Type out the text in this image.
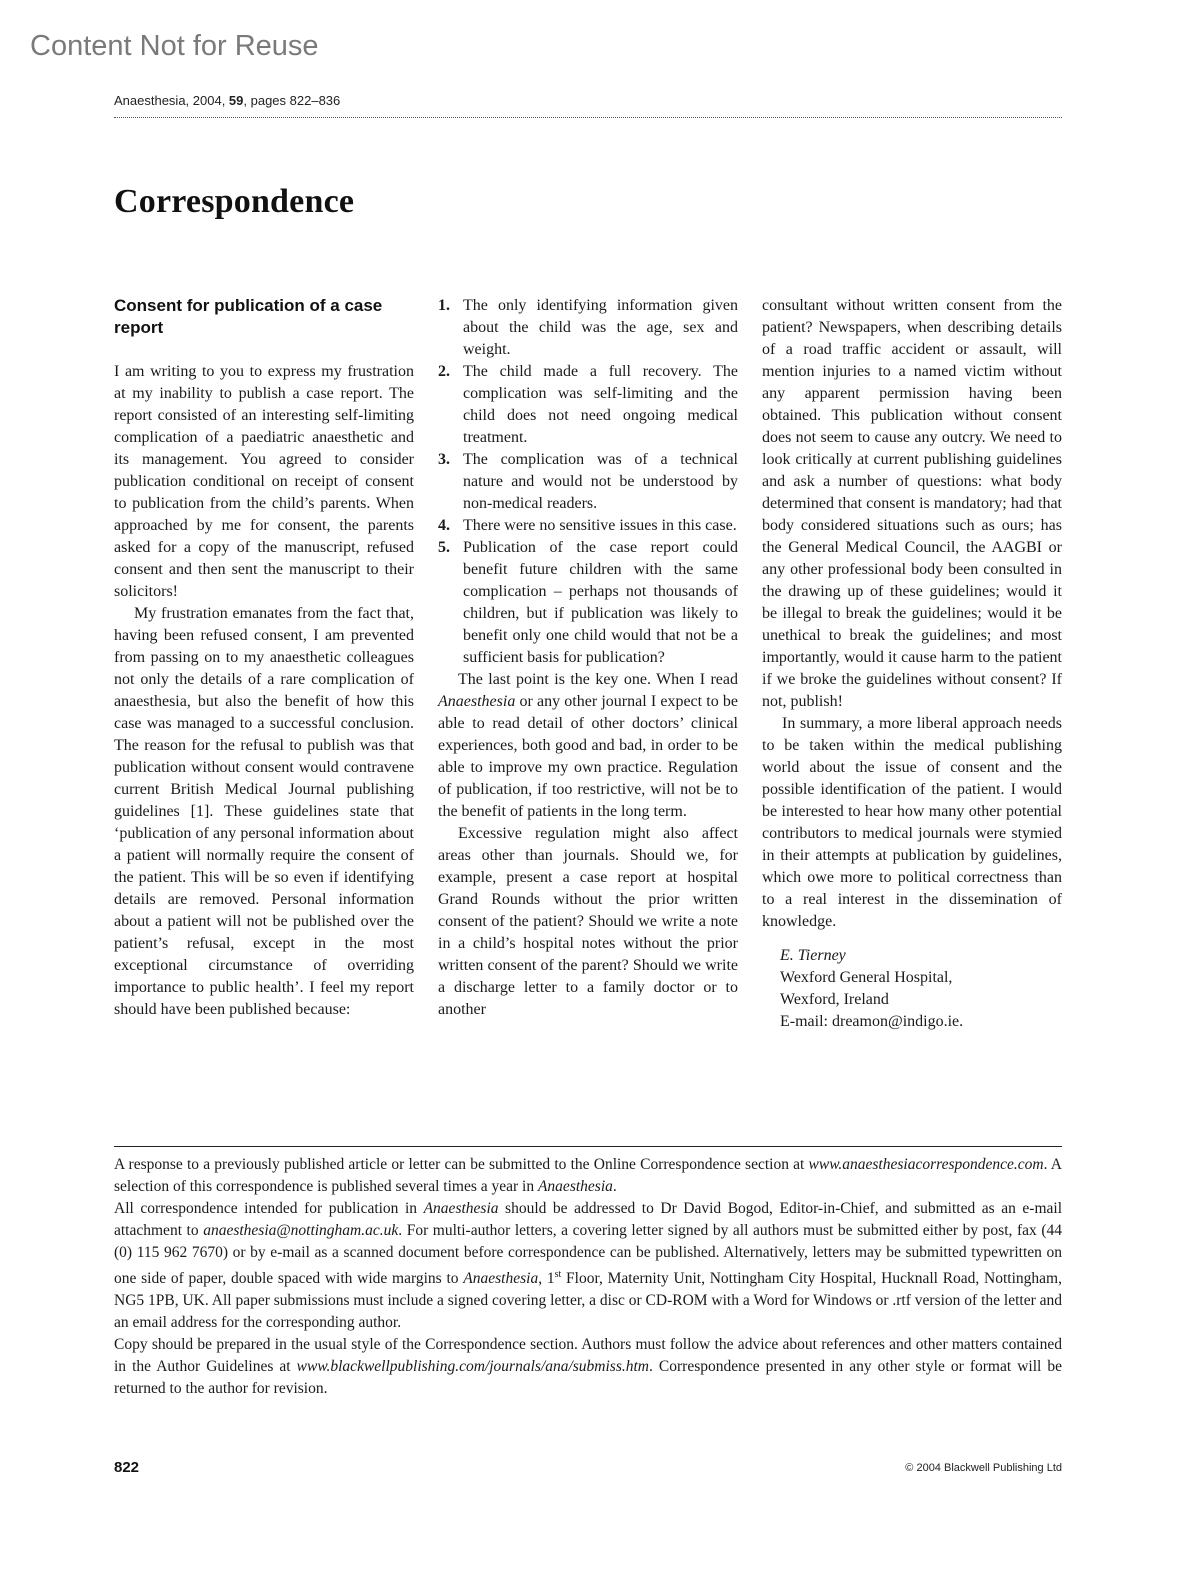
Content Not for Reuse
Anaesthesia, 2004, 59, pages 822–836
Correspondence

Consent for publication of a case report

I am writing to you to express my frustration at my inability to publish a case report. The report consisted of an interesting self-limiting complication of a paediatric anaesthetic and its management. You agreed to consider publication conditional on receipt of consent to publication from the child’s parents. When approached by me for consent, the parents asked for a copy of the manuscript, refused consent and then sent the manuscript to their solicitors!

My frustration emanates from the fact that, having been refused consent, I am prevented from passing on to my anaesthetic colleagues not only the details of a rare complication of anaesthesia, but also the benefit of how this case was managed to a successful conclusion. The reason for the refusal to publish was that publication without consent would contravene current British Medical Journal publishing guidelines [1]. These guidelines state that ‘publication of any personal information about a patient will normally require the consent of the patient. This will be so even if identifying details are removed. Personal information about a patient will not be published over the patient’s refusal, except in the most exceptional circumstance of overriding importance to public health’. I feel my report should have been published because:

1. The only identifying information given about the child was the age, sex and weight.
2. The child made a full recovery. The complication was self-limiting and the child does not need ongoing medical treatment.
3. The complication was of a technical nature and would not be understood by non-medical readers.
4. There were no sensitive issues in this case.
5. Publication of the case report could benefit future children with the same complication – perhaps not thousands of children, but if publication was likely to benefit only one child would that not be a sufficient basis for publication?

The last point is the key one. When I read Anaesthesia or any other journal I expect to be able to read detail of other doctors’ clinical experiences, both good and bad, in order to be able to improve my own practice. Regulation of publication, if too restrictive, will not be to the benefit of patients in the long term.

Excessive regulation might also affect areas other than journals. Should we, for example, present a case report at hospital Grand Rounds without the prior written consent of the patient? Should we write a note in a child’s hospital notes without the prior written consent of the parent? Should we write a discharge letter to a family doctor or to another

consultant without written consent from the patient? Newspapers, when describing details of a road traffic accident or assault, will mention injuries to a named victim without any apparent permission having been obtained. This publication without consent does not seem to cause any outcry. We need to look critically at current publishing guidelines and ask a number of questions: what body determined that consent is mandatory; had that body considered situations such as ours; has the General Medical Council, the AAGBI or any other professional body been consulted in the drawing up of these guidelines; would it be illegal to break the guidelines; would it be unethical to break the guidelines; and most importantly, would it cause harm to the patient if we broke the guidelines without consent? If not, publish!

In summary, a more liberal approach needs to be taken within the medical publishing world about the issue of consent and the possible identification of the patient. I would be interested to hear how many other potential contributors to medical journals were stymied in their attempts at publication by guidelines, which owe more to political correctness than to a real interest in the dissemination of knowledge.

E. Tierney
Wexford General Hospital,
Wexford, Ireland
E-mail: dreamon@indigo.ie.

A response to a previously published article or letter can be submitted to the Online Correspondence section at www.anaesthesiacorrespondence.com. A selection of this correspondence is published several times a year in Anaesthesia.

All correspondence intended for publication in Anaesthesia should be addressed to Dr David Bogod, Editor-in-Chief, and submitted as an e-mail attachment to anaesthesia@nottingham.ac.uk. For multi-author letters, a covering letter signed by all authors must be submitted either by post, fax (44 (0) 115 962 7670) or by e-mail as a scanned document before correspondence can be published. Alternatively, letters may be submitted typewritten on one side of paper, double spaced with wide margins to Anaesthesia, 1st Floor, Maternity Unit, Nottingham City Hospital, Hucknall Road, Nottingham, NG5 1PB, UK. All paper submissions must include a signed covering letter, a disc or CD-ROM with a Word for Windows or .rtf version of the letter and an email address for the corresponding author.

Copy should be prepared in the usual style of the Correspondence section. Authors must follow the advice about references and other matters contained in the Author Guidelines at www.blackwellpublishing.com/journals/ana/submiss.htm. Correspondence presented in any other style or format will be returned to the author for revision.

822	© 2004 Blackwell Publishing Ltd
